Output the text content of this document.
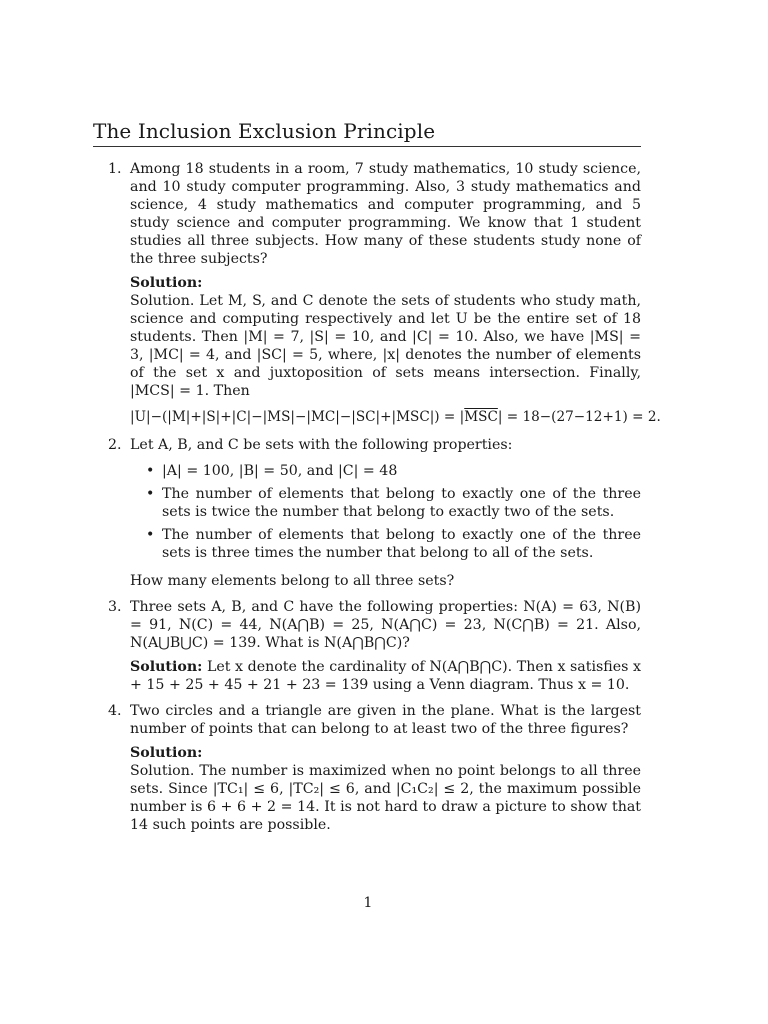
The Inclusion Exclusion Principle
1. Among 18 students in a room, 7 study mathematics, 10 study science, and 10 study computer programming. Also, 3 study mathematics and science, 4 study mathematics and computer programming, and 5 study science and computer programming. We know that 1 student studies all three subjects. How many of these students study none of the three subjects?

Solution:
Solution. Let M, S, and C denote the sets of students who study math, science and computing respectively and let U be the entire set of 18 students. Then |M| = 7, |S| = 10, and |C| = 10. Also, we have |MS| = 3, |MC| = 4, and |SC| = 5, where, |x| denotes the number of elements of the set x and juxtoposition of sets means intersection. Finally, |MCS| = 1. Then
$|U|-(|M|+|S|+|C|-|MS|-|MC|-|SC|+|MSC|) = |\overline{MSC}| = 18-(27-12+1) = 2$.
2. Let A, B, and C be sets with the following properties:

• |A| = 100, |B| = 50, and |C| = 48
• The number of elements that belong to exactly one of the three sets is twice the number that belong to exactly two of the sets.
• The number of elements that belong to exactly one of the three sets is three times the number that belong to all of the sets.

How many elements belong to all three sets?

3. Three sets A, B, and C have the following properties: N(A) = 63, N(B) = 91, N(C) = 44, N(A⋂B) = 25, N(A⋂C) = 23, N(C⋂B) = 21. Also, N(A⋃B⋃C) = 139. What is N(A⋂B⋂C)?

Solution: Let x denote the cardinality of N(A⋂B⋂C). Then x satisfies x + 15 + 25 + 45 + 21 + 23 = 139 using a Venn diagram. Thus x = 10.
4. Two circles and a triangle are given in the plane. What is the largest number of points that can belong to at least two of the three figures?

Solution:
Solution. The number is maximized when no point belongs to all three sets. Since |TC₁| ≤ 6, |TC₂| ≤ 6, and |C₁C₂| ≤ 2, the maximum possible number is 6 + 6 + 2 = 14. It is not hard to draw a picture to show that 14 such points are possible.
1
